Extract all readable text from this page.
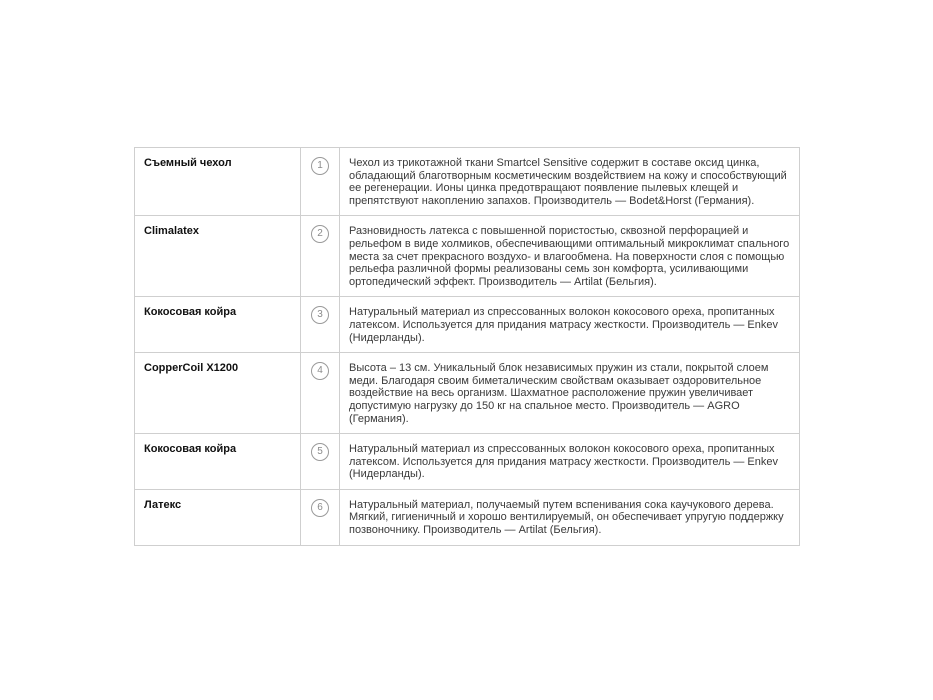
Съемный чехол	1	Чехол из трикотажной ткани Smartcel Sensitive содержит в составе оксид цинка, обладающий благотворным косметическим воздействием на кожу и способствующий ее регенерации. Ионы цинка предотвращают появление пылевых клещей и препятствуют накоплению запахов. Производитель — Bodet&Horst (Германия).
Climalatex	2	Разновидность латекса с повышенной пористостью, сквозной перфорацией и рельефом в виде холмиков, обеспечивающими оптимальный микроклимат спального места за счет прекрасного воздухо- и влагообмена. На поверхности слоя с помощью рельефа различной формы реализованы семь зон комфорта, усиливающими ортопедический эффект. Производитель — Artilat (Бельгия).
Кокосовая койра	3	Натуральный материал из спрессованных волокон кокосового ореха, пропитанных латексом. Используется для придания матрасу жесткости. Производитель — Enkev (Нидерланды).
CopperCoil X1200	4	Высота – 13 см. Уникальный блок независимых пружин из стали, покрытой слоем меди. Благодаря своим биметалическим свойствам оказывает оздоровительное воздействие на весь организм. Шахматное расположение пружин увеличивает допустимую нагрузку до 150 кг на спальное место. Производитель — AGRO (Германия).
Кокосовая койра	5	Натуральный материал из спрессованных волокон кокосового ореха, пропитанных латексом. Используется для придания матрасу жесткости. Производитель — Enkev (Нидерланды).
Латекс	6	Натуральный материал, получаемый путем вспенивания сока каучукового дерева. Мягкий, гигиеничный и хорошо вентилируемый, он обеспечивает упругую поддержку позвоночнику. Производитель — Artilat (Бельгия).
